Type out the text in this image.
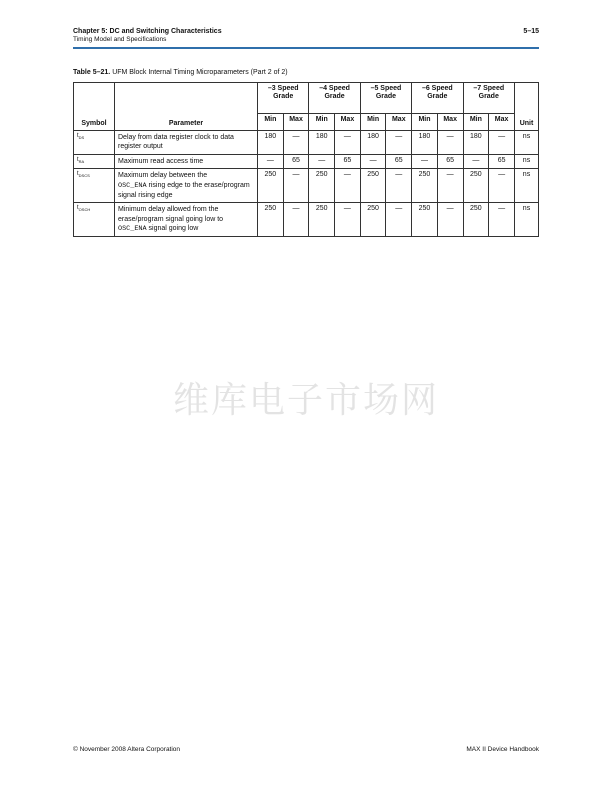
Chapter 5: DC and Switching Characteristics
Timing Model and Specifications
5–15
Table 5–21. UFM Block Internal Timing Microparameters (Part 2 of 2)
Symbol	Parameter	–3 Speed Grade		–4 Speed Grade		–5 Speed Grade		–6 Speed Grade		–7 Speed Grade		Unit
		Min	Max	Min	Max	Min	Max	Min	Max	Min	Max	
$t_{DS}$	Delay from data register clock to data register output	180	—	180	—	180	—	180	—	180	—	ns
$t_{RA}$	Maximum read access time	—	65	—	65	—	65	—	65	—	65	ns
$t_{DSCS}$	Maximum delay between the
OSC_ENA rising edge to the erase/program signal rising edge	250	—	250	—	250	—	250	—	250	—	ns
$t_{OSCH}$	Minimum delay allowed from the erase/program signal going low to
OSC_ENA signal going low	250	—	250	—	250	—	250	—	250	—	ns
维库电子市场网
© November 2008 Altera Corporation	MAX II Device Handbook
